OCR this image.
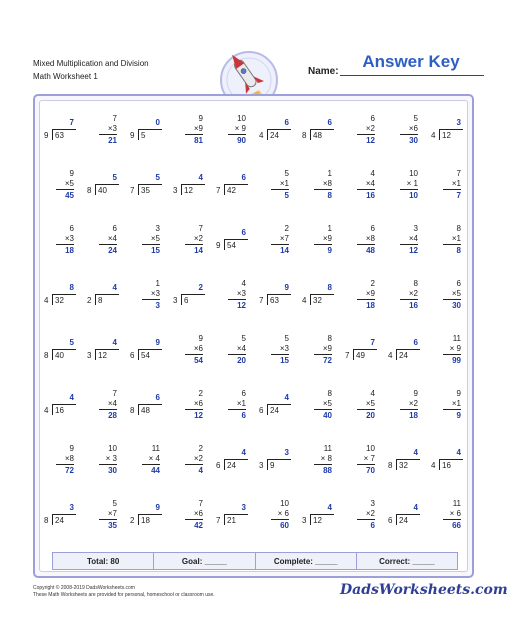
Mixed Multiplication and Division
Math Worksheet 1	Name:
Answer Key
7
9 63
7
×3
21
0
9 5
9
×9
81
10
× 9
90
6
4 24
6
8 48
6
×2
12
5
×6
30
3
4 12
9
×5
45
5
8 40
5
7 35
4
3 12
6
7 42
5
×1
5
1
×8
8
4
×4
16
10
× 1
10
7
×1
7
6
×3
18
6
×4
24
3
×5
15
7
×2
14
6
9 54
2
×7
14
1
×9
9
6
×8
48
3
×4
12
8
×1
8
8
4 32
4
2 8
1
×3
3
2
3 6
4
×3
12
9
7 63
8
4 32
2
×9
18
8
×2
16
6
×5
30
5
8 40
4
3 12
9
6 54
9
×6
54
5
×4
20
5
×3
15
8
×9
72
7
7 49
6
4 24
11
× 9
99
4
4 16
7
×4
28
6
8 48
2
×6
12
6
×1
6
4
6 24
8
×5
40
4
×5
20
9
×2
18
9
×1
9
9
×8
72
10
× 3
30
11
× 4
44
2
×2
4
4
6 24
3
3 9
11
× 8
88
10
× 7
70
4
8 32
4
4 16
3
8 24
5
×7
35
9
2 18
7
×6
42
3
7 21
10
× 6
60
4
3 12
3
×2
6
4
6 24
11
× 6
66
Total: 80	Goal: _____	Complete: _____	Correct: _____
Copyright © 2008-2019 DadsWorksheets.com
These Math Worksheets are provided for personal, homeschool or classroom use.	DadsWorksheets.com
